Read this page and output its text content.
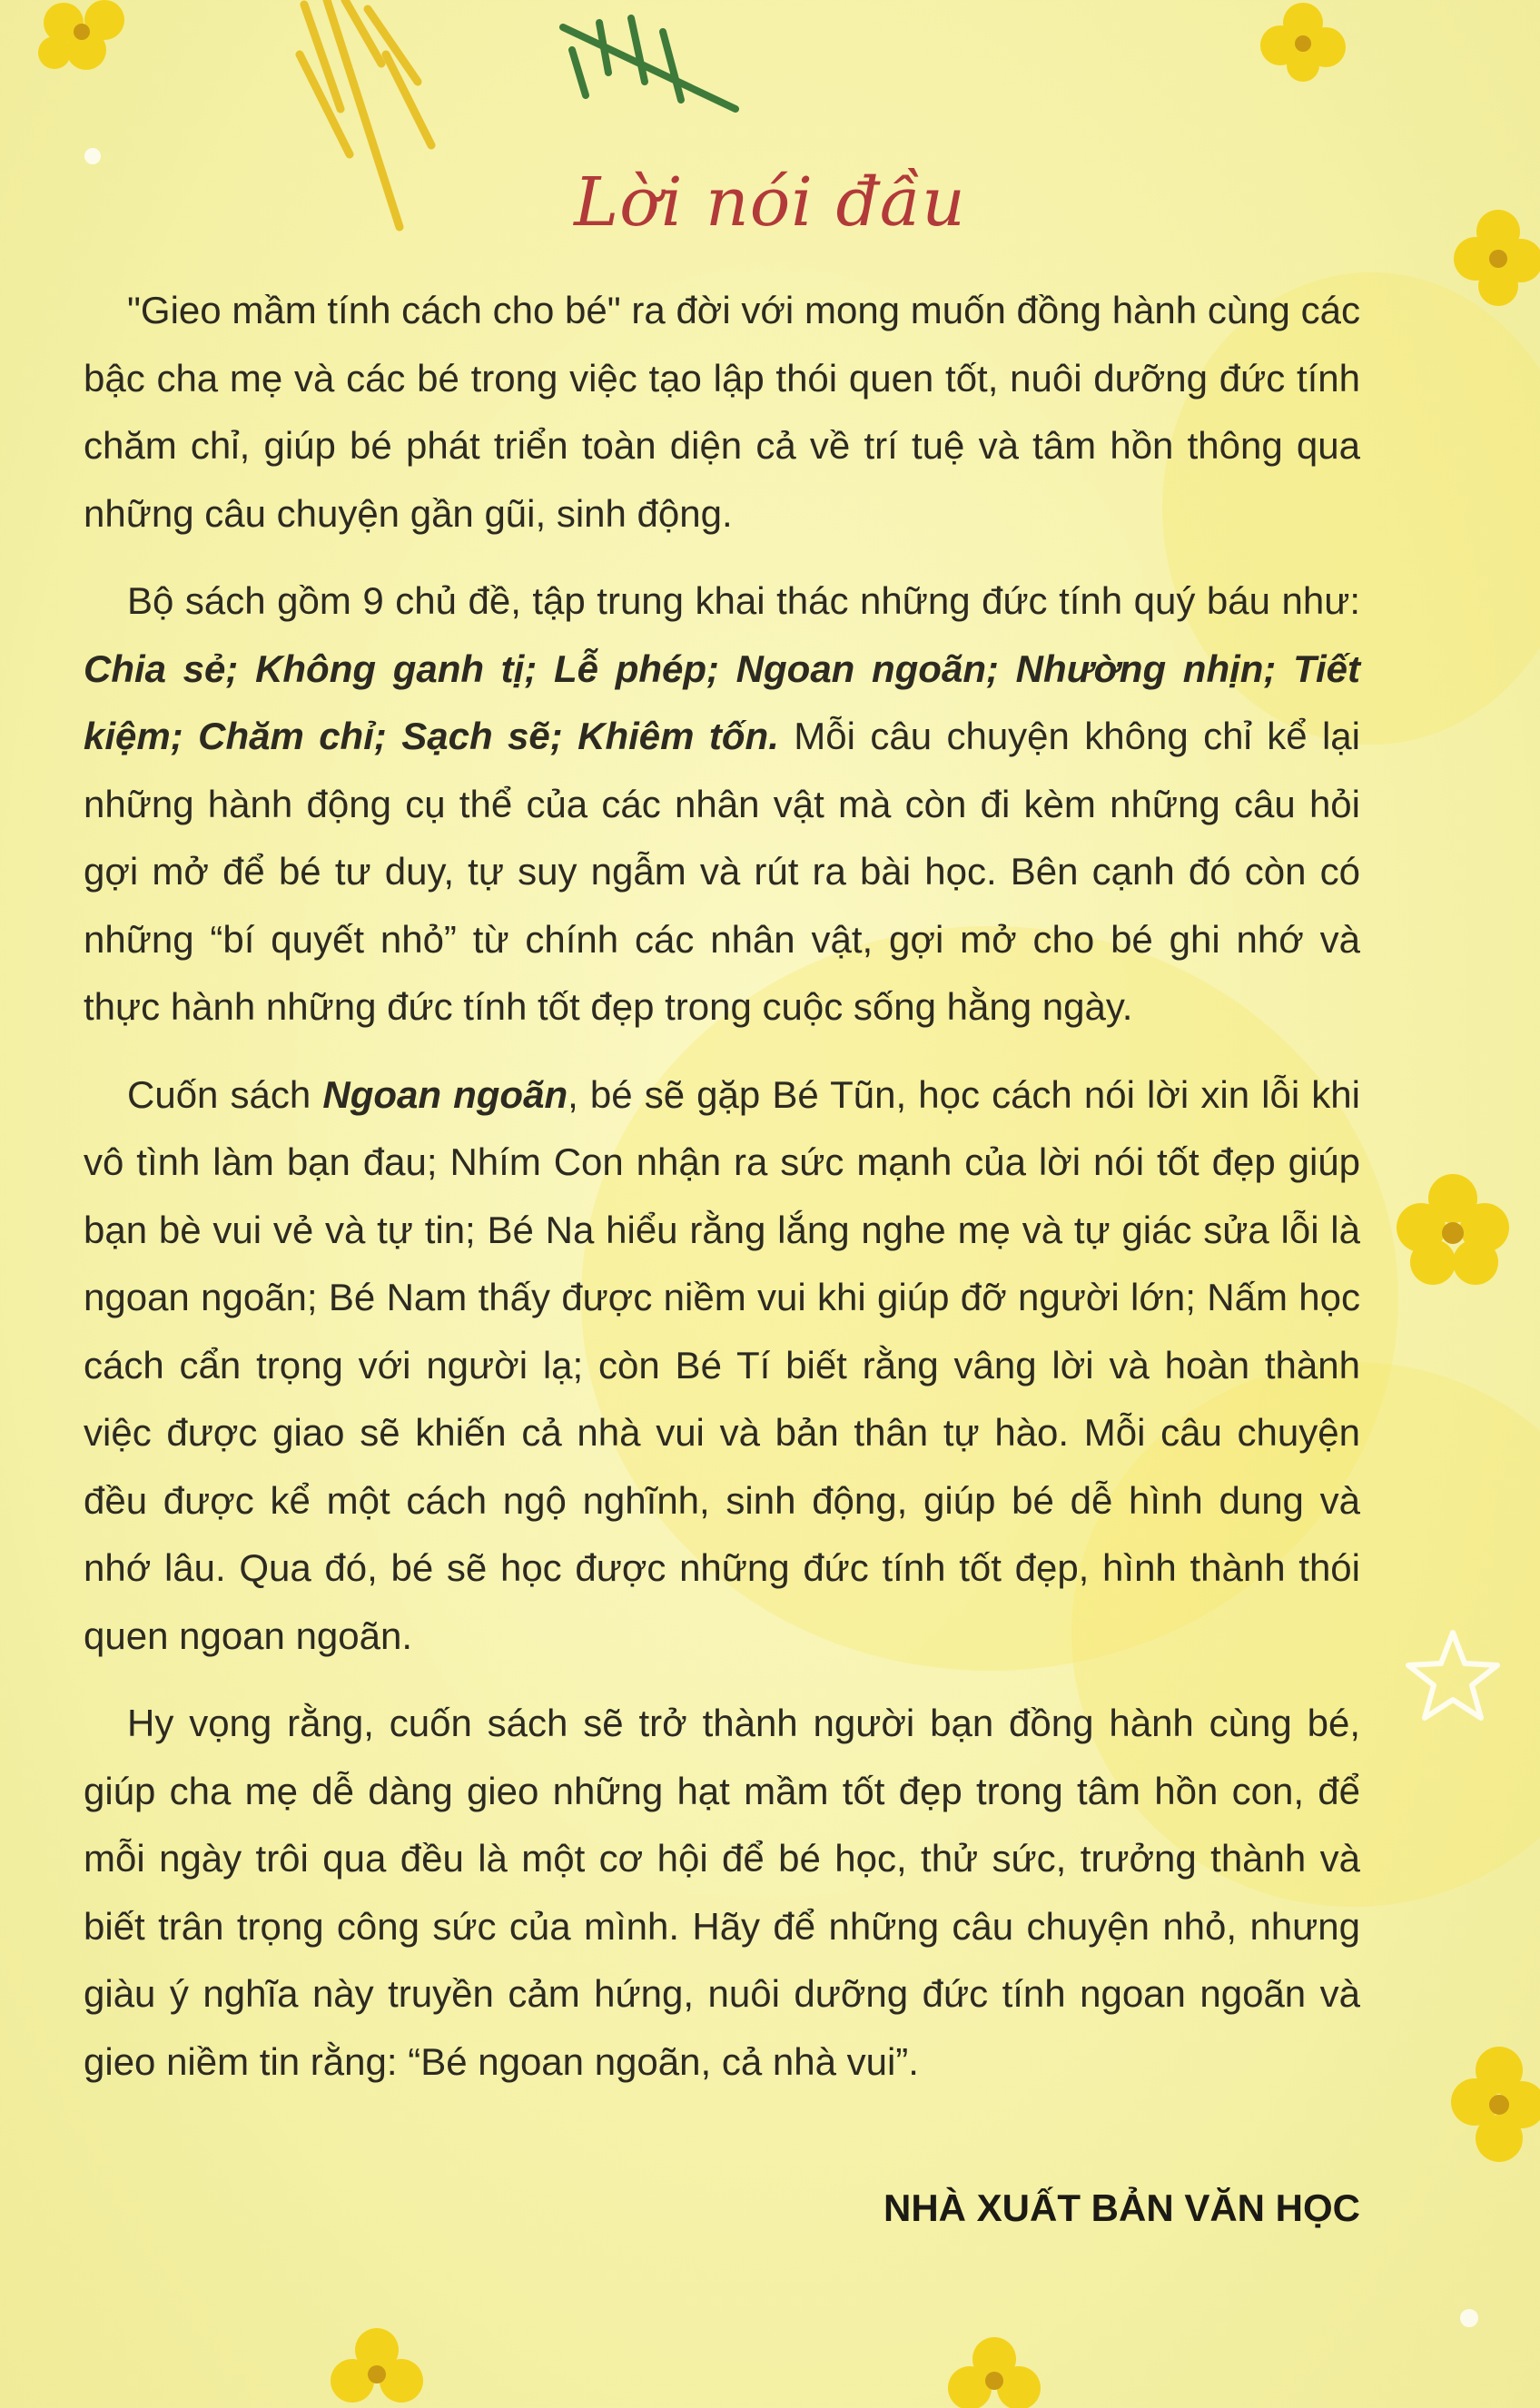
Lời nói đầu

"Gieo mầm tính cách cho bé" ra đời với mong muốn đồng hành cùng các bậc cha mẹ và các bé trong việc tạo lập thói quen tốt, nuôi dưỡng đức tính chăm chỉ, giúp bé phát triển toàn diện cả về trí tuệ và tâm hồn thông qua những câu chuyện gần gũi, sinh động.

Bộ sách gồm 9 chủ đề, tập trung khai thác những đức tính quý báu như: Chia sẻ; Không ganh tị; Lễ phép; Ngoan ngoãn; Nhường nhịn; Tiết kiệm; Chăm chỉ; Sạch sẽ; Khiêm tốn. Mỗi câu chuyện không chỉ kể lại những hành động cụ thể của các nhân vật mà còn đi kèm những câu hỏi gợi mở để bé tư duy, tự suy ngẫm và rút ra bài học. Bên cạnh đó còn có những “bí quyết nhỏ” từ chính các nhân vật, gợi mở cho bé ghi nhớ và thực hành những đức tính tốt đẹp trong cuộc sống hằng ngày.

Cuốn sách Ngoan ngoãn, bé sẽ gặp Bé Tũn, học cách nói lời xin lỗi khi vô tình làm bạn đau; Nhím Con nhận ra sức mạnh của lời nói tốt đẹp giúp bạn bè vui vẻ và tự tin; Bé Na hiểu rằng lắng nghe mẹ và tự giác sửa lỗi là ngoan ngoãn; Bé Nam thấy được niềm vui khi giúp đỡ người lớn; Nấm học cách cẩn trọng với người lạ; còn Bé Tí biết rằng vâng lời và hoàn thành việc được giao sẽ khiến cả nhà vui và bản thân tự hào. Mỗi câu chuyện đều được kể một cách ngộ nghĩnh, sinh động, giúp bé dễ hình dung và nhớ lâu. Qua đó, bé sẽ học được những đức tính tốt đẹp, hình thành thói quen ngoan ngoãn.

Hy vọng rằng, cuốn sách sẽ trở thành người bạn đồng hành cùng bé, giúp cha mẹ dễ dàng gieo những hạt mầm tốt đẹp trong tâm hồn con, để mỗi ngày trôi qua đều là một cơ hội để bé học, thử sức, trưởng thành và biết trân trọng công sức của mình. Hãy để những câu chuyện nhỏ, nhưng giàu ý nghĩa này truyền cảm hứng, nuôi dưỡng đức tính ngoan ngoãn và gieo niềm tin rằng: “Bé ngoan ngoãn, cả nhà vui”.

NHÀ XUẤT BẢN VĂN HỌC
